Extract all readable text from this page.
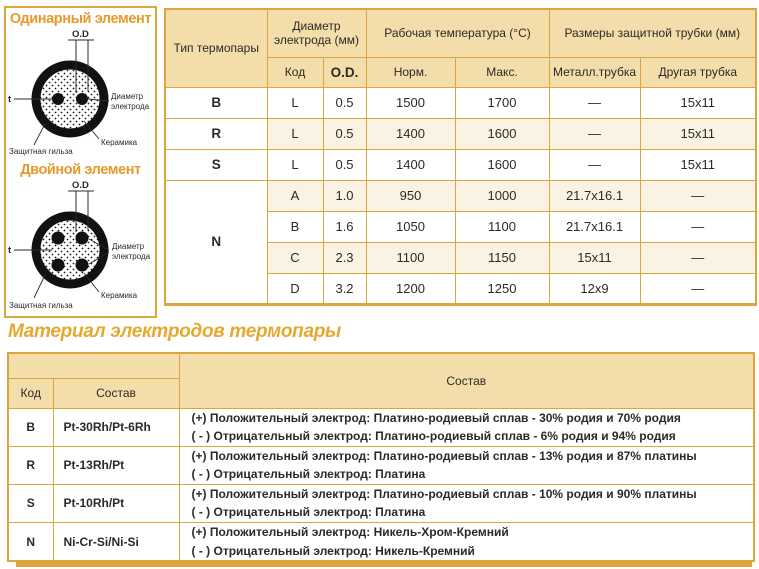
Одинарный элемент
O.D
t	Диаметр
электрода
Керамика
Защитная гильза
Двойной элемент
O.D
t	Диаметр
электрода
Керамика
Защитная гильза
Тип термопары	Диаметр электрода (мм)		Рабочая температура (°C)		Размеры защитной трубки (мм)	
	Код	O.D.	Норм.	Макс.	Металл.трубка	Другая трубка
B	L	0.5	1500	1700	—	15x11
R	L	0.5	1400	1600	—	15x11
S	L	0.5	1400	1600	—	15x11
N	A	1.0	950	1000	21.7x16.1	—
	B	1.6	1050	1100	21.7x16.1	—
	C	2.3	1100	1150	15x11	—
	D	3.2	1200	1250	12x9	—
Материал электродов термопары
		Состав
Код	Состав	
B	Pt-30Rh/Pt-6Rh	(+) Положительный электрод: Платино-родиевый сплав - 30% родия и 70% родия
( - ) Отрицательный электрод: Платино-родиевый сплав - 6% родия и 94% родия

R	Pt-13Rh/Pt	(+) Положительный электрод: Платино-родиевый сплав - 13% родия и 87% платины
( - ) Отрицательный электрод: Платина

S	Pt-10Rh/Pt	(+) Положительный электрод: Платино-родиевый сплав - 10% родия и 90% платины
( - ) Отрицательный электрод: Платина

N	Ni-Cr-Si/Ni-Si	(+) Положительный электрод: Никель-Хром-Кремний
( - ) Отрицательный электрод: Никель-Кремний
